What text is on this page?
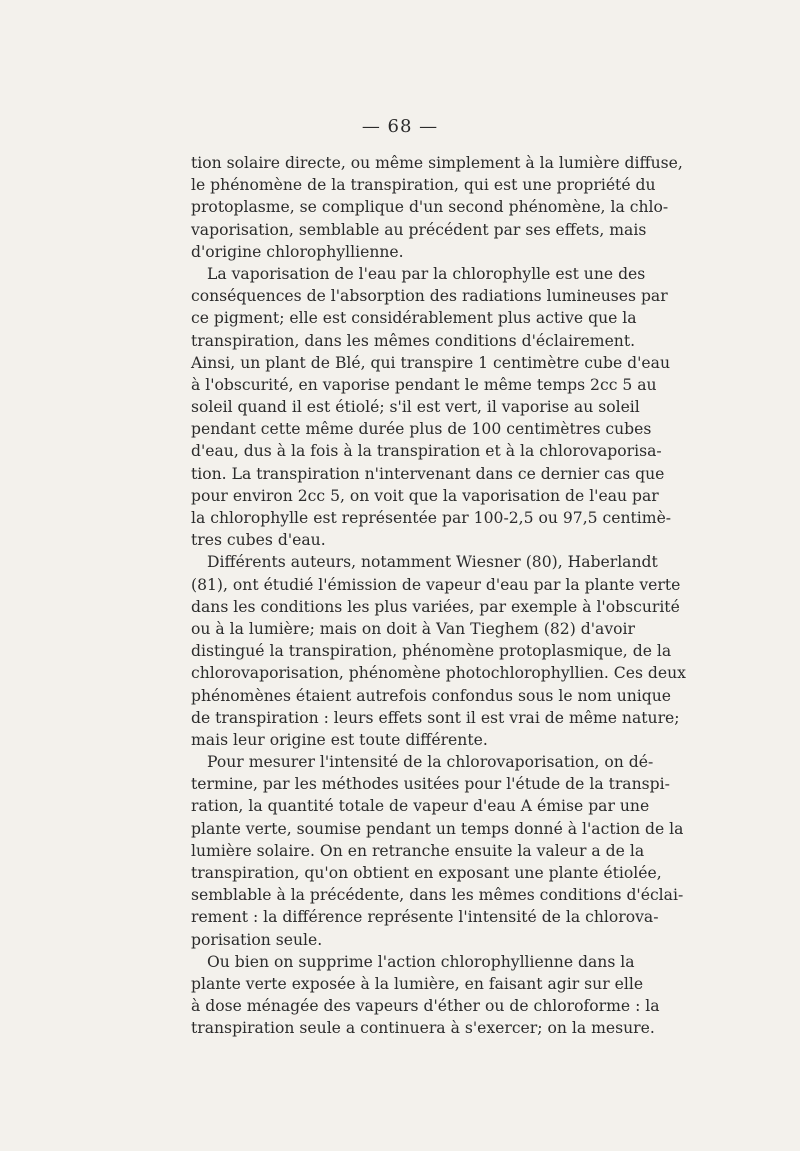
— 68 —
tion solaire directe, ou même simplement à la lumière diffuse,
le phénomène de la transpiration, qui est une propriété du
protoplasme, se complique d'un second phénomène, la chlo-
vaporisation, semblable au précédent par ses effets, mais
d'origine chlorophyllienne.
La vaporisation de l'eau par la chlorophylle est une des
conséquences de l'absorption des radiations lumineuses par
ce pigment; elle est considérablement plus active que la
transpiration, dans les mêmes conditions d'éclairement.
Ainsi, un plant de Blé, qui transpire 1 centimètre cube d'eau
à l'obscurité, en vaporise pendant le même temps 2cc 5 au
soleil quand il est étiolé; s'il est vert, il vaporise au soleil
pendant cette même durée plus de 100 centimètres cubes
d'eau, dus à la fois à la transpiration et à la chlorovaporisa-
tion. La transpiration n'intervenant dans ce dernier cas que
pour environ 2cc 5, on voit que la vaporisation de l'eau par
la chlorophylle est représentée par 100-2,5 ou 97,5 centimè-
tres cubes d'eau.
Différents auteurs, notamment Wiesner (80), Haberlandt
(81), ont étudié l'émission de vapeur d'eau par la plante verte
dans les conditions les plus variées, par exemple à l'obscurité
ou à la lumière; mais on doit à Van Tieghem (82) d'avoir
distingué la transpiration, phénomène protoplasmique, de la
chlorovaporisation, phénomène photochlorophyllien. Ces deux
phénomènes étaient autrefois confondus sous le nom unique
de transpiration : leurs effets sont il est vrai de même nature;
mais leur origine est toute différente.
Pour mesurer l'intensité de la chlorovaporisation, on dé-
termine, par les méthodes usitées pour l'étude de la transpi-
ration, la quantité totale de vapeur d'eau A émise par une
plante verte, soumise pendant un temps donné à l'action de la
lumière solaire. On en retranche ensuite la valeur a de la
transpiration, qu'on obtient en exposant une plante étiolée,
semblable à la précédente, dans les mêmes conditions d'éclai-
rement : la différence représente l'intensité de la chlorova-
porisation seule.
Ou bien on supprime l'action chlorophyllienne dans la
plante verte exposée à la lumière, en faisant agir sur elle
à dose ménagée des vapeurs d'éther ou de chloroforme : la
transpiration seule a continuera à s'exercer; on la mesure.
